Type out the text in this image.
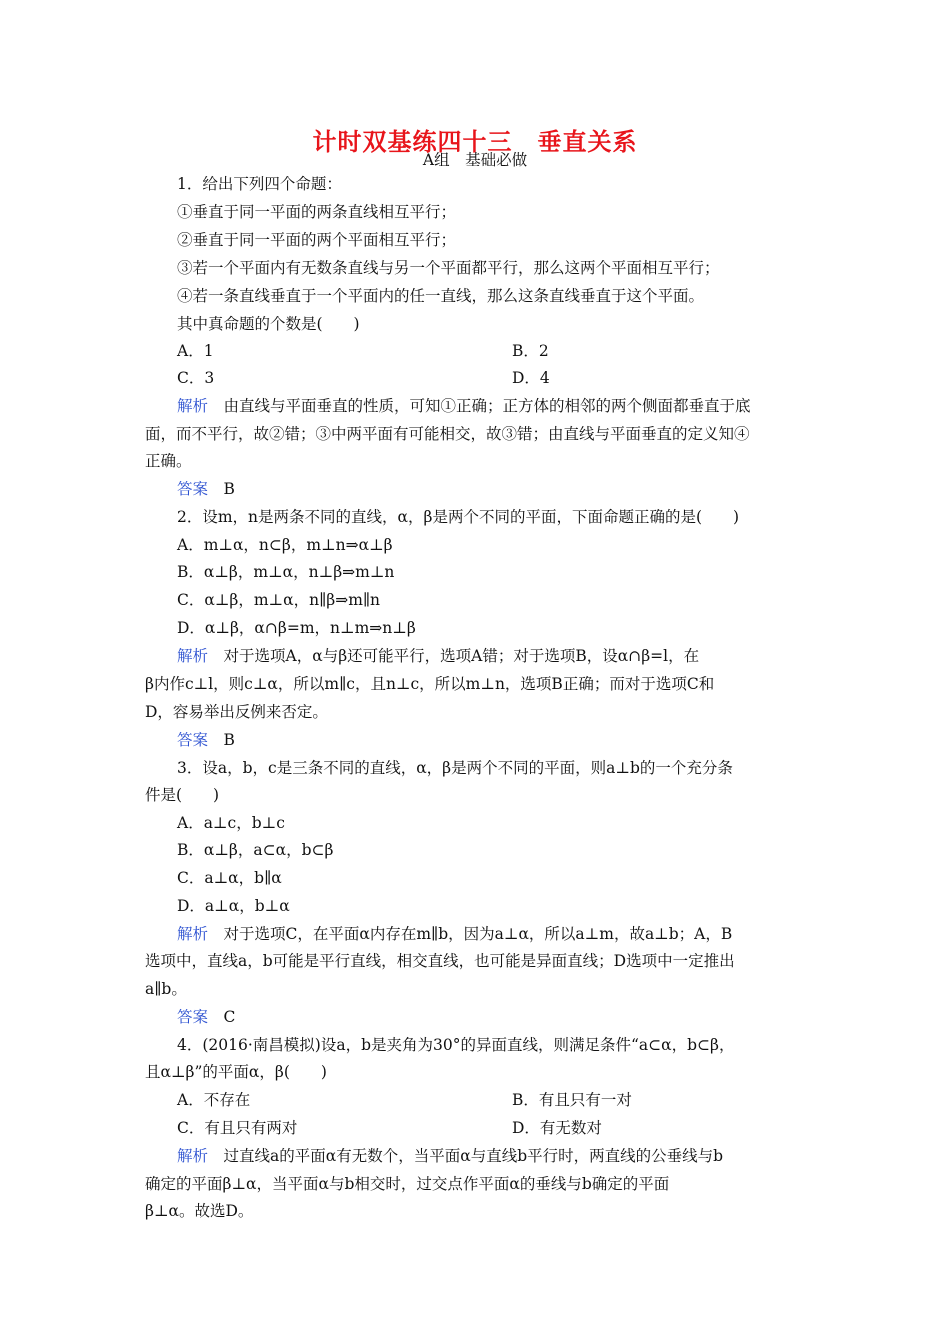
计时双基练四十三　垂直关系
A组　基础必做
1．给出下列四个命题：
①垂直于同一平面的两条直线相互平行；
②垂直于同一平面的两个平面相互平行；
③若一个平面内有无数条直线与另一个平面都平行，那么这两个平面相互平行；
④若一条直线垂直于一个平面内的任一直线，那么这条直线垂直于这个平面。
其中真命题的个数是(　　)
A．1	B．2
C．3	D．4
解析　 由直线与平面垂直的性质，可知①正确；正方体的相邻的两个侧面都垂直于底
面，而不平行，故②错；③中两平面有可能相交，故③错；由直线与平面垂直的定义知④
正确。
答案　 B
2．设m，n是两条不同的直线，α，β是两个不同的平面，下面命题正确的是(　　)
A．m⊥α，n⊂β，m⊥n⇒α⊥β
B．α⊥β，m⊥α，n⊥β⇒m⊥n
C．α⊥β，m⊥α，n∥β⇒m∥n
D．α⊥β，α∩β=m，n⊥m⇒n⊥β
解析　 对于选项A，α与β还可能平行，选项A错；对于选项B，设α∩β=l，在
β内作c⊥l，则c⊥α，所以m∥c，且n⊥c，所以m⊥n，选项B正确；而对于选项C和
D，容易举出反例来否定。
答案　 B
3．设a，b，c是三条不同的直线，α，β是两个不同的平面，则a⊥b的一个充分条
件是(　　)
A．a⊥c，b⊥c
B．α⊥β，a⊂α，b⊂β
C．a⊥α，b∥α
D．a⊥α，b⊥α
解析　 对于选项C，在平面α内存在m∥b，因为a⊥α，所以a⊥m，故a⊥b；A，B
选项中，直线a，b可能是平行直线，相交直线，也可能是异面直线；D选项中一定推出
a∥b。
答案　 C
4．(2016·南昌模拟)设a，b是夹角为30°的异面直线，则满足条件“a⊂α，b⊂β，
且α⊥β”的平面α，β(　　)
A．不存在	B．有且只有一对
C．有且只有两对	D．有无数对
解析　 过直线a的平面α有无数个，当平面α与直线b平行时，两直线的公垂线与b
确定的平面β⊥α，当平面α与b相交时，过交点作平面α的垂线与b确定的平面
β⊥α。故选D。
